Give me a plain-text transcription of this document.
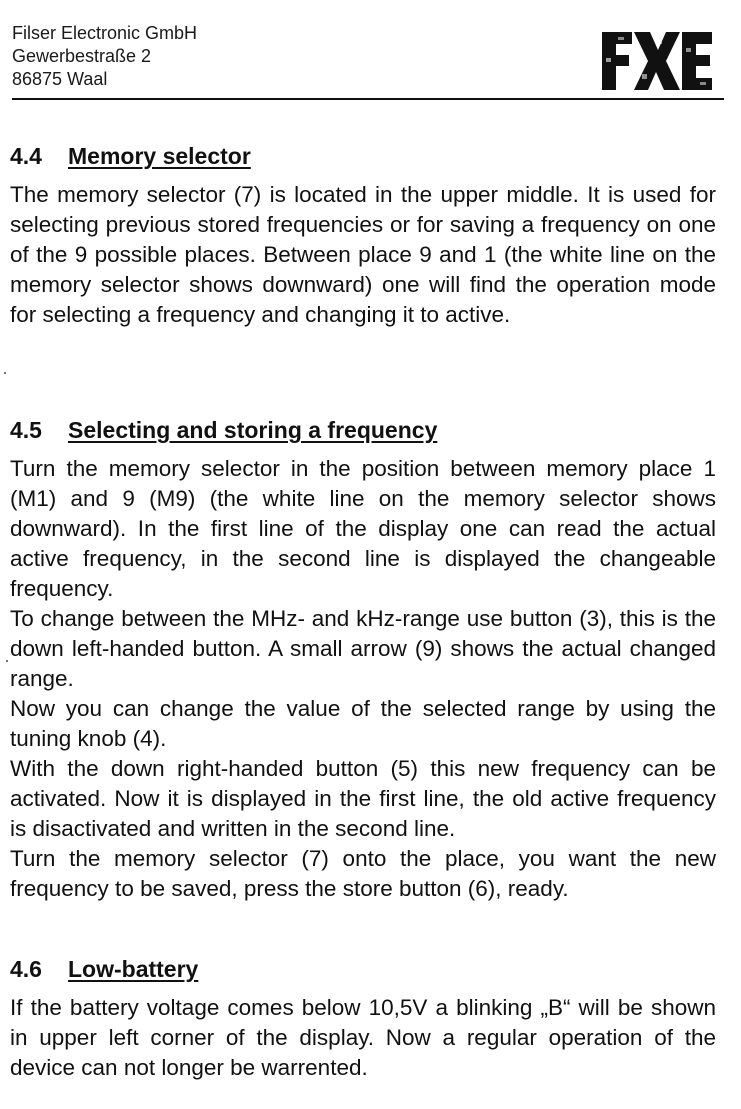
Filser Electronic GmbH
Gewerbestraße 2
86875 Waal
4.4 Memory selector

The memory selector (7) is located in the upper middle. It is used for selecting previous stored frequencies or for saving a frequency on one of the 9 possible places. Between place 9 and 1 (the white line on the memory selector shows downward) one will find the operation mode for selecting a frequency and changing it to active.

4.5 Selecting and storing a frequency

Turn the memory selector in the position between memory place 1 (M1) and 9 (M9) (the white line on the memory selector shows downward). In the first line of the display one can read the actual active frequency, in the second line is displayed the changeable frequency.

To change between the MHz- and kHz-range use button (3), this is the down left-handed button. A small arrow (9) shows the actual changed range.

Now you can change the value of the selected range by using the tuning knob (4).

With the down right-handed button (5) this new frequency can be activated. Now it is displayed in the first line, the old active frequency is disactivated and written in the second line.

Turn the memory selector (7) onto the place, you want the new frequency to be saved, press the store button (6), ready.

4.6 Low-battery

If the battery voltage comes below 10,5V a blinking „B“ will be shown in upper left corner of the display. Now a regular operation of the device can not longer be warrented.
